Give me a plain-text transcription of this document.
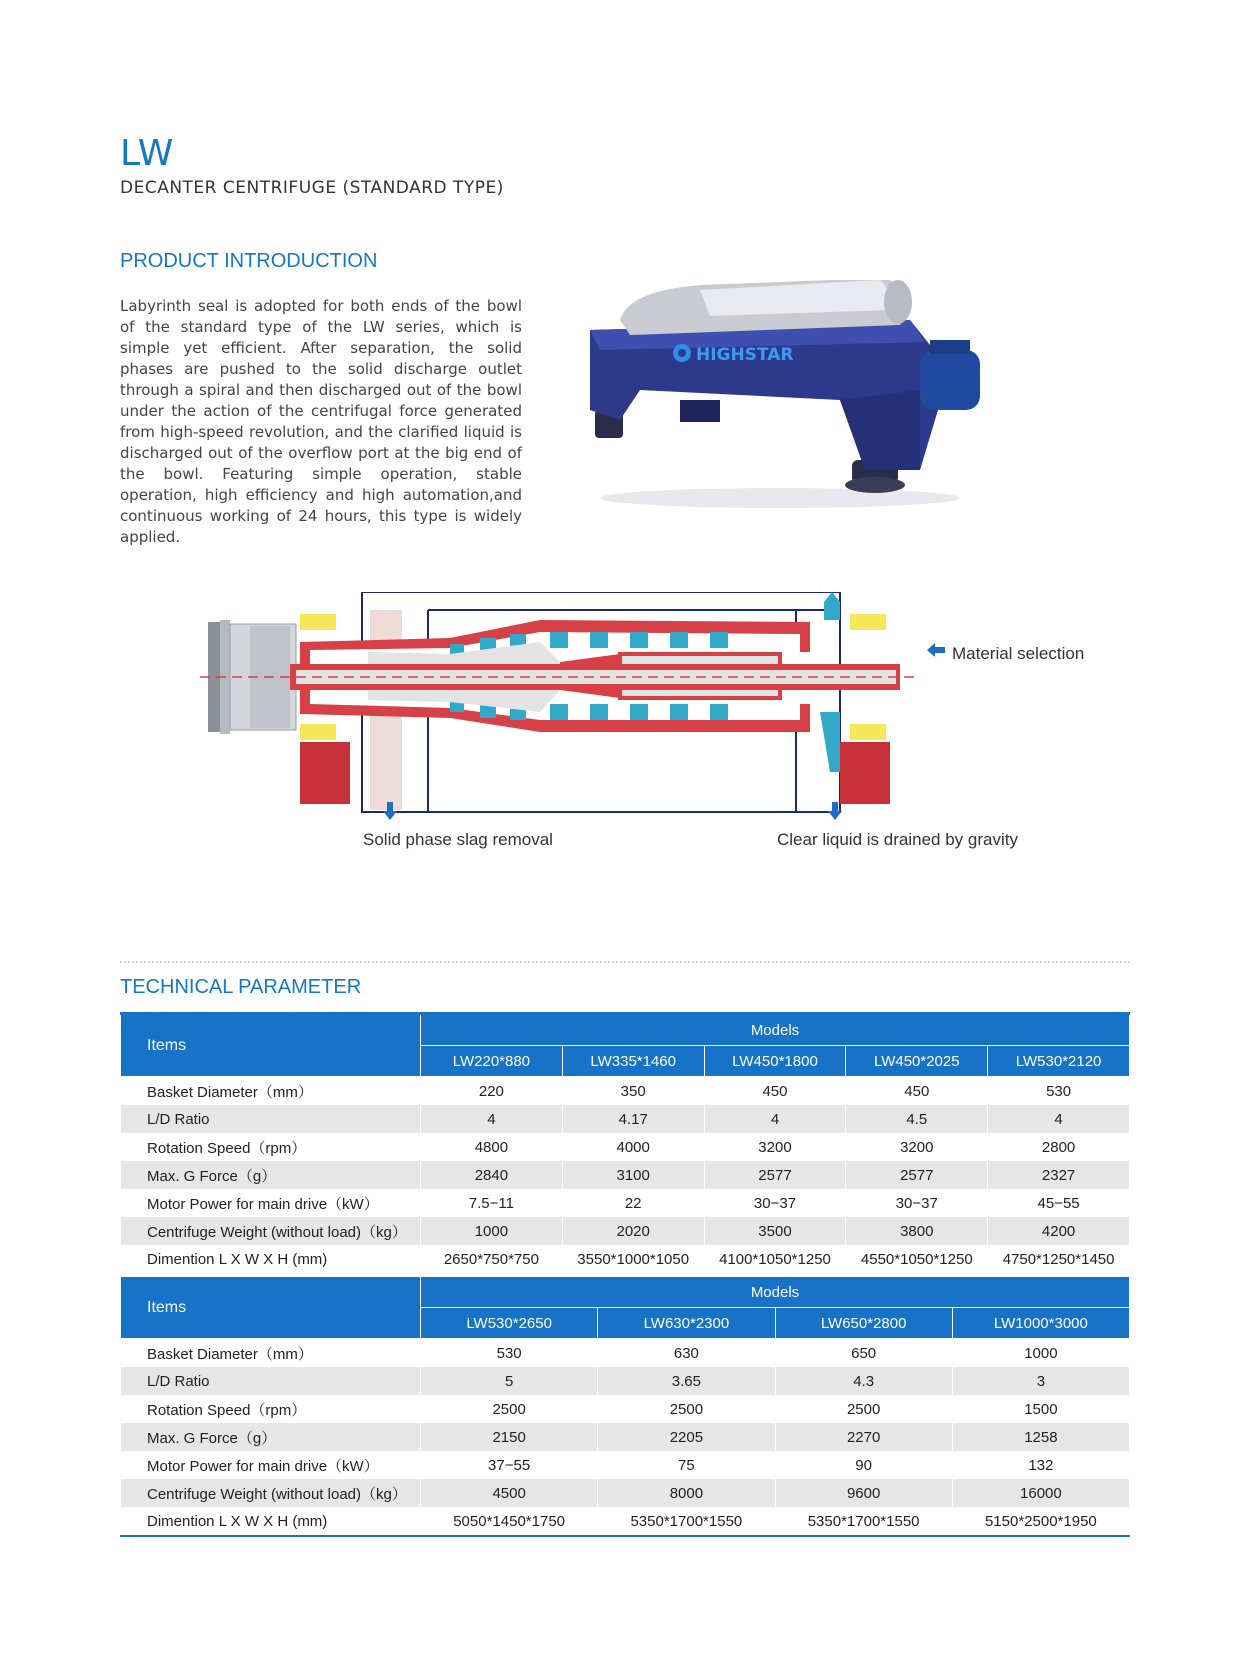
LW
DECANTER CENTRIFUGE (STANDARD TYPE)
PRODUCT INTRODUCTION
Labyrinth seal is adopted for both ends of the bowl of the standard type of the LW series, which is simple yet efficient. After separation, the solid phases are pushed to the solid discharge outlet through a spiral and then discharged out of the bowl under the action of the centrifugal force generated from high-speed revolution, and the clarified liquid is discharged out of the overflow port at the big end of the bowl. Featuring simple operation, stable operation, high efficiency and high automation,and continuous working of 24 hours, this type is widely applied.
HIGHSTAR
Material selection
Solid phase slag removal	Clear liquid is drained by gravity
TECHNICAL PARAMETER
Items	Models				
	LW220*880	LW335*1460	LW450*1800	LW450*2025	LW530*2120
Basket Diameter（mm）	220	350	450	450	530
L/D Ratio	4	4.17	4	4.5	4
Rotation Speed（rpm）	4800	4000	3200	3200	2800
Max. G Force（g）	2840	3100	2577	2577	2327
Motor Power for main drive（kW）	7.5−11	22	30−37	30−37	45−55
Centrifuge Weight (without load)（kg）	1000	2020	3500	3800	4200
Dimention L X W X H (mm)	2650*750*750	3550*1000*1050	4100*1050*1250	4550*1050*1250	4750*1250*1450
Items	Models			
	LW530*2650	LW630*2300	LW650*2800	LW1000*3000
Basket Diameter（mm）	530	630	650	1000
L/D Ratio	5	3.65	4.3	3
Rotation Speed（rpm）	2500	2500	2500	1500
Max. G Force（g）	2150	2205	2270	1258
Motor Power for main drive（kW）	37−55	75	90	132
Centrifuge Weight (without load)（kg）	4500	8000	9600	16000
Dimention L X W X H (mm)	5050*1450*1750	5350*1700*1550	5350*1700*1550	5150*2500*1950
